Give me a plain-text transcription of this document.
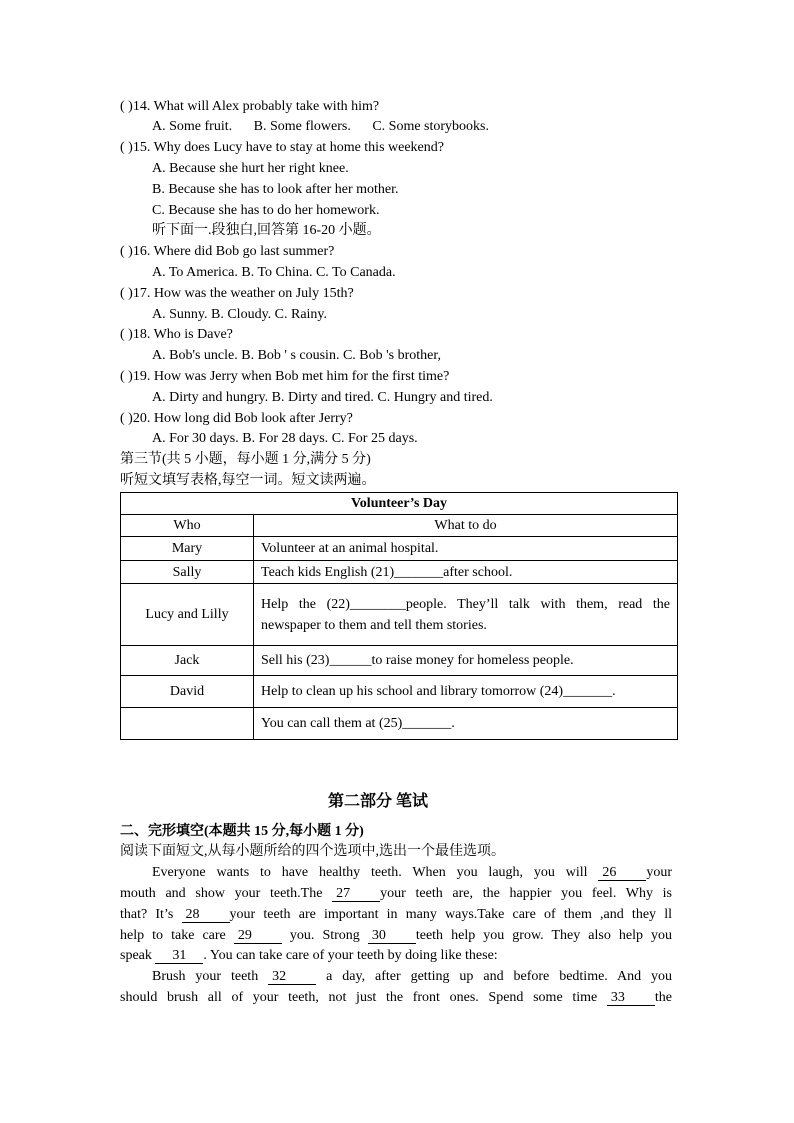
( )14. What will Alex probably take with him?
A. Some fruit. B. Some flowers. C. Some storybooks.
( )15. Why does Lucy have to stay at home this weekend?
A. Because she hurt her right knee.
B. Because she has to look after her mother.
C. Because she has to do her homework.
听下面一.段独白,回答第 16-20 小题。
( )16. Where did Bob go last summer?
A. To America. B. To China. C. To Canada.
( )17. How was the weather on July 15th?
A. Sunny. B. Cloudy. C. Rainy.
( )18. Who is Dave?
A. Bob's uncle. B. Bob ' s cousin. C. Bob 's brother,
( )19. How was Jerry when Bob met him for the first time?
A. Dirty and hungry. B. Dirty and tired. C. Hungry and tired.
( )20. How long did Bob look after Jerry?
A. For 30 days. B. For 28 days. C. For 25 days.
第三节(共 5 小题，每小题 1 分,满分 5 分)
听短文填写表格,每空一词。短文读两遍。
Volunteer’s Day	
Who	What to do
Mary	Volunteer at an animal hospital.

Sally	Teach kids English (21)_______after school.

Lucy and Lilly	Help the (22)________people. They’ll talk with them, read the
newspaper to them and tell them stories.

Jack	Sell his (23)______to raise money for homeless people.

David	Help to clean up his school and library tomorrow (24)_______.

	You can call them at (25)_______.
第二部分 笔试
二、完形填空(本题共 15 分,每小题 1 分)
阅读下面短文,从每小题所给的四个选项中,选出一个最佳选项。
Everyone wants to have healthy teeth. When you laugh, you will 26 your
mouth and show your teeth.The 27 your teeth are, the happier you feel. Why is
that? It’s 28 your teeth are important in many ways.Take care of them ,and they ll
help to take care 29	you. Strong 30 teeth help you grow. They also help you
speak 31 . You can take care of your teeth by doing like these:
Brush your teeth 32	a day, after getting up and before bedtime. And you
should brush all of your teeth, not just the front ones. Spend some time 33 the
